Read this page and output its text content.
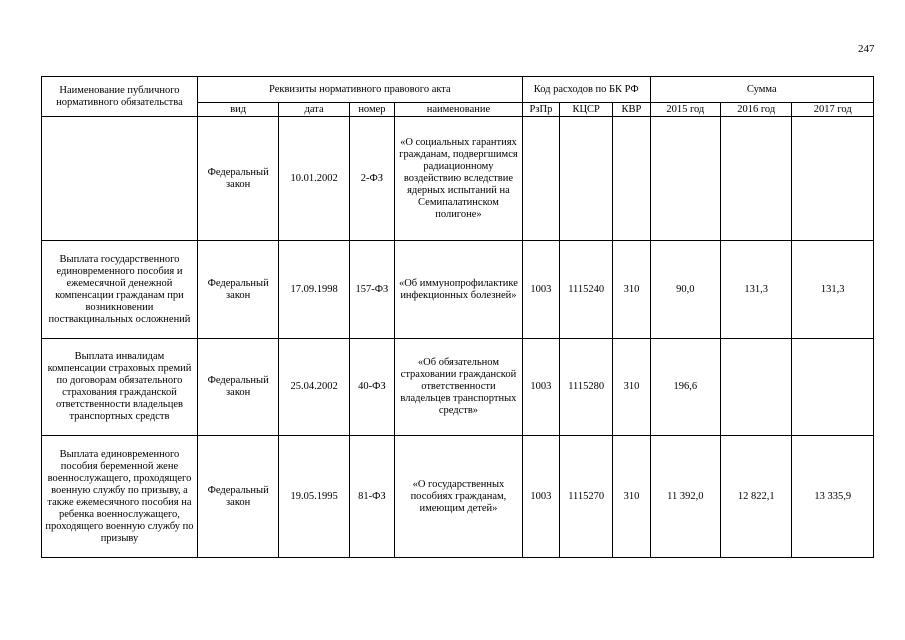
247
Наименование публичного нормативного обязательства	Реквизиты нормативного правового акта				Код расходов по БК РФ			Сумма		
	вид	дата	номер	наименование	РзПр	КЦСР	КВР	2015 год	2016 год	2017 год
	Федеральный закон	10.01.2002	2-ФЗ	«О социальных гарантиях гражданам, подвергшимся радиационному воздействию вследствие ядерных испытаний на Семипалатинском полигоне»						
Выплата государственного единовременного пособия и ежемесячной денежной компенсации гражданам при возникновении поствакцинальных осложнений	Федеральный закон	17.09.1998	157-ФЗ	«Об иммунопрофилактике инфекционных болезней»	1003	1115240	310	90,0	131,3	131,3
Выплата инвалидам компенсации страховых премий по договорам обязательного страхования гражданской ответственности владельцев транспортных средств	Федеральный закон	25.04.2002	40-ФЗ	«Об обязательном страховании гражданской ответственности владельцев транспортных средств»	1003	1115280	310	196,6		
Выплата единовременного пособия беременной жене военнослужащего, проходящего военную службу по призыву, а также ежемесячного пособия на ребенка военнослужащего, проходящего военную службу по призыву	Федеральный закон	19.05.1995	81-ФЗ	«О государственных пособиях гражданам, имеющим детей»	1003	1115270	310	11 392,0	12 822,1	13 335,9
